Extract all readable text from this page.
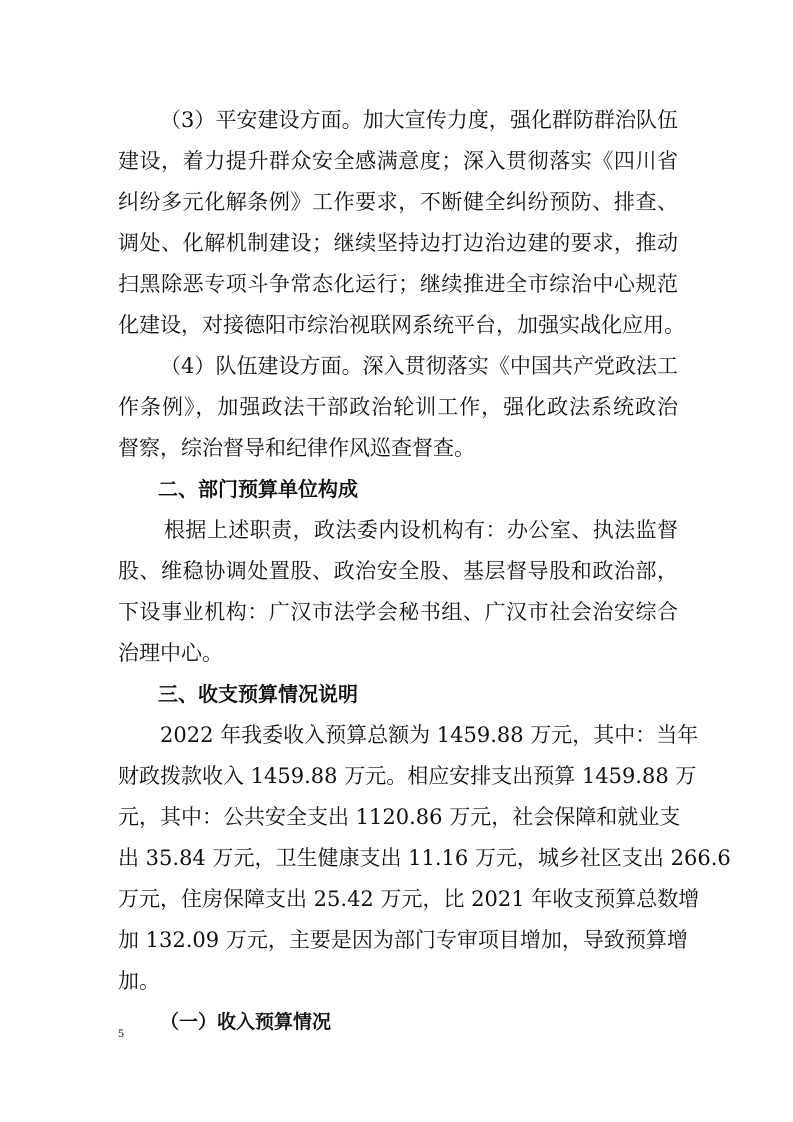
（3）平安建设方面。加大宣传力度，强化群防群治队伍
建设，着力提升群众安全感满意度；深入贯彻落实《四川省
纠纷多元化解条例》工作要求，不断健全纠纷预防、排查、
调处、化解机制建设；继续坚持边打边治边建的要求，推动
扫黑除恶专项斗争常态化运行；继续推进全市综治中心规范
化建设，对接德阳市综治视联网系统平台，加强实战化应用。
（4）队伍建设方面。深入贯彻落实《中国共产党政法工
作条例》，加强政法干部政治轮训工作，强化政法系统政治
督察，综治督导和纪律作风巡查督查。
二、部门预算单位构成
根据上述职责，政法委内设机构有：办公室、执法监督
股、维稳协调处置股、政治安全股、基层督导股和政治部，
下设事业机构：广汉市法学会秘书组、广汉市社会治安综合
治理中心。
三、收支预算情况说明
2022 年我委收入预算总额为 1459.88 万元，其中：当年
财政拨款收入 1459.88 万元。相应安排支出预算 1459.88 万
元，其中：公共安全支出 1120.86 万元，社会保障和就业支
出 35.84 万元，卫生健康支出 11.16 万元，城乡社区支出 266.6
万元，住房保障支出 25.42 万元，比 2021 年收支预算总数增
加 132.09 万元，主要是因为部门专审项目增加，导致预算增
加。
（一）收入预算情况
5
